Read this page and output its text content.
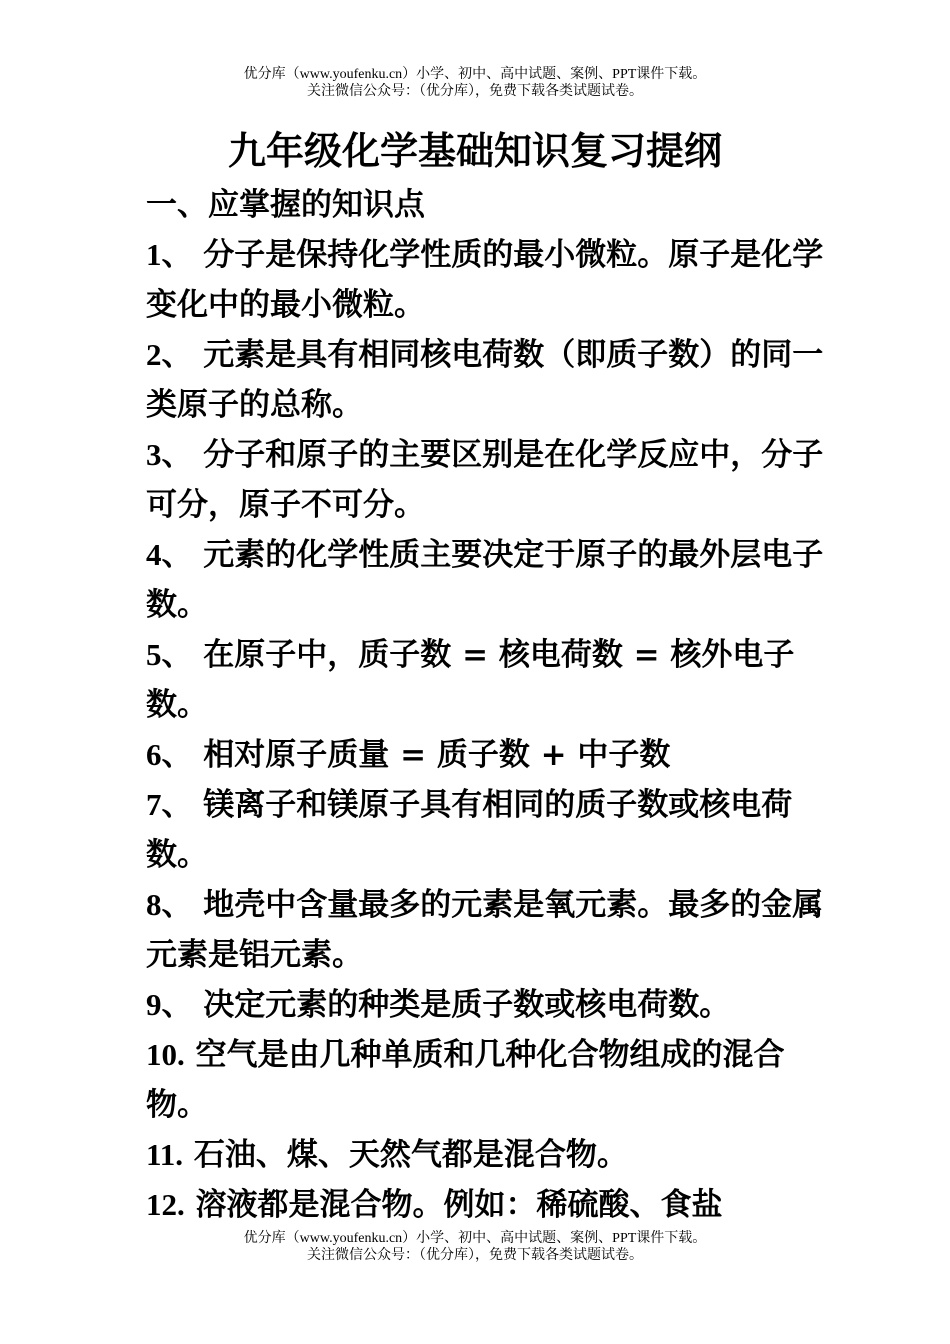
优分库（www.youfenku.cn）小学、初中、高中试题、案例、PPT课件下载。
关注微信公众号：（优分库），免费下载各类试题试卷。
九年级化学基础知识复习提纲

一、应掌握的知识点

1、 分子是保持化学性质的最小微粒。原子是化学变化中的最小微粒。

2、 元素是具有相同核电荷数（即质子数）的同一类原子的总称。

3、 分子和原子的主要区别是在化学反应中，分子可分，原子不可分。

4、 元素的化学性质主要决定于原子的最外层电子数。

5、 在原子中，质子数 = 核电荷数 = 核外电子数。

6、 相对原子质量 = 质子数 + 中子数

7、 镁离子和镁原子具有相同的质子数或核电荷数。

8、 地壳中含量最多的元素是氧元素。最多的金属元素是铝元素。

9、 决定元素的种类是质子数或核电荷数。

10. 空气是由几种单质和几种化合物组成的混合物。

11. 石油、煤、天然气都是混合物。

12. 溶液都是混合物。例如：稀硫酸、食盐

优分库（www.youfenku.cn）小学、初中、高中试题、案例、PPT课件下载。
关注微信公众号：（优分库），免费下载各类试题试卷。
